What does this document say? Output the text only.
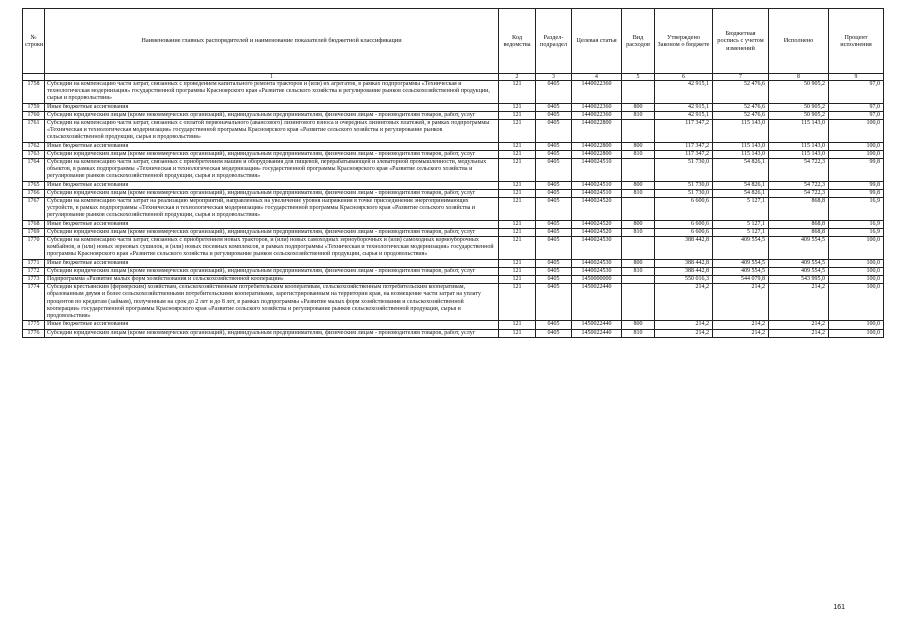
№ строки	Наименование главных распорядителей и наименование показателей бюджетной классификации	Код ведомства	Раздел-подраздел	Целевая статья	Вид расходов	Утверждено Законом о бюджете	Бюджетная роспись с учетом изменений	Исполнено	Процент исполнения
	1	2	3	4	5	6	7	8	9
1758	Субсидии на компенсацию части затрат, связанных с проведением капитального ремонта тракторов и (или) их агрегатов, в рамках подпрограммы «Техническая и технологическая модернизация» государственной программы Красноярского края «Развитие сельского хозяйства и регулирование рынков сельскохозяйственной продукции, сырья и продовольствия»	121	0405	1440022360		42 915,1	52 476,6	50 905,2	97,0
1759	Иные бюджетные ассигнования	121	0405	1440022360	800	42 915,1	52 476,6	50 905,2	97,0
1760	Субсидии юридическим лицам (кроме некоммерческих организаций), индивидуальным предпринимателям, физическим лицам - производителям товаров, работ, услуг	121	0405	1440022360	810	42 915,1	52 476,6	50 905,2	97,0
1761	Субсидии на компенсацию части затрат, связанных с оплатой первоначального (авансового) лизингового взноса и очередных лизинговых платежей, в рамках подпрограммы «Техническая и технологическая модернизация» государственной программы Красноярского края «Развитие сельского хозяйства и регулирование рынков сельскохозяйственной продукции, сырья и продовольствия»	121	0405	1440022800		117 347,2	115 143,0	115 143,0	100,0
1762	Иные бюджетные ассигнования	121	0405	1440022800	800	117 347,2	115 143,0	115 143,0	100,0
1763	Субсидии юридическим лицам (кроме некоммерческих организаций), индивидуальным предпринимателям, физическим лицам - производителям товаров, работ, услуг	121	0405	1440022800	810	117 347,2	115 143,0	115 143,0	100,0
1764	Субсидии на компенсацию части затрат, связанных с приобретением машин и оборудования для пищевой, перерабатывающей и элеваторной промышленности, модульных объектов, в рамках подпрограммы «Техническая и технологическая модернизация» государственной программы Красноярского края «Развитие сельского хозяйства и регулирование рынков сельскохозяйственной продукции, сырья и продовольствия»	121	0405	1440024510		51 730,0	54 826,1	54 722,3	99,8
1765	Иные бюджетные ассигнования	121	0405	1440024510	800	51 730,0	54 826,1	54 722,3	99,8
1766	Субсидии юридическим лицам (кроме некоммерческих организаций), индивидуальным предпринимателям, физическим лицам - производителям товаров, работ, услуг	121	0405	1440024510	810	51 730,0	54 826,1	54 722,3	99,8
1767	Субсидии на компенсацию части затрат на реализацию мероприятий, направленных на увеличение уровня напряжения в точке присоединения энергопринимающих устройств, в рамках подпрограммы «Техническая и технологическая модернизация» государственной программы Красноярского края «Развитие сельского хозяйства и регулирование рынков сельскохозяйственной продукции, сырья и продовольствия»	121	0405	1440024520		6 600,6	5 127,1	868,8	16,9
1768	Иные бюджетные ассигнования	121	0405	1440024520	800	6 600,6	5 127,1	868,8	16,9
1769	Субсидии юридическим лицам (кроме некоммерческих организаций), индивидуальным предпринимателям, физическим лицам - производителям товаров, работ, услуг	121	0405	1440024520	810	6 600,6	5 127,1	868,8	16,9
1770	Субсидии на компенсацию части затрат, связанных с приобретением новых тракторов, и (или) новых самоходных зерноуборочных и (или) самоходных кормоуборочных комбайнов, и (или) новых зерновых сушилок, и (или) новых посевных комплексов, в рамках подпрограммы «Техническая и технологическая модернизация» государственной программы Красноярского края «Развитие сельского хозяйства и регулирование рынков сельскохозяйственной продукции, сырья и продовольствия»	121	0405	1440024530		388 442,8	409 554,5	409 554,5	100,0
1771	Иные бюджетные ассигнования	121	0405	1440024530	800	388 442,8	409 554,5	409 554,5	100,0
1772	Субсидии юридическим лицам (кроме некоммерческих организаций), индивидуальным предпринимателям, физическим лицам - производителям товаров, работ, услуг	121	0405	1440024530	810	388 442,8	409 554,5	409 554,5	100,0
1773	Подпрограмма «Развитие малых форм хозяйствования и сельскохозяйственной кооперации»	121	0405	1450000000		550 016,3	544 079,8	543 995,0	100,0
1774	Субсидии крестьянским (фермерским) хозяйствам, сельскохозяйственным потребительским кооперативам, сельскохозяйственным потребительским кооперативам, образованным двумя и более сельскохозяйственными потребительскими кооперативами, зарегистрированным на территории края, на возмещение части затрат на уплату процентов по кредитам (займам), полученным на срок до 2 лет и до 8 лет, в рамках подпрограммы «Развитие малых форм хозяйствования и сельскохозяйственной кооперации» государственной программы Красноярского края «Развитие сельского хозяйства и регулирование рынков сельскохозяйственной продукции, сырья и продовольствия»	121	0405	1450022440		214,2	214,2	214,2	100,0
1775	Иные бюджетные ассигнования	121	0405	1450022440	800	214,2	214,2	214,2	100,0
1776	Субсидии юридическим лицам (кроме некоммерческих организаций), индивидуальным предпринимателям, физическим лицам - производителям товаров, работ, услуг	121	0405	1450022440	810	214,2	214,2	214,2	100,0
161
